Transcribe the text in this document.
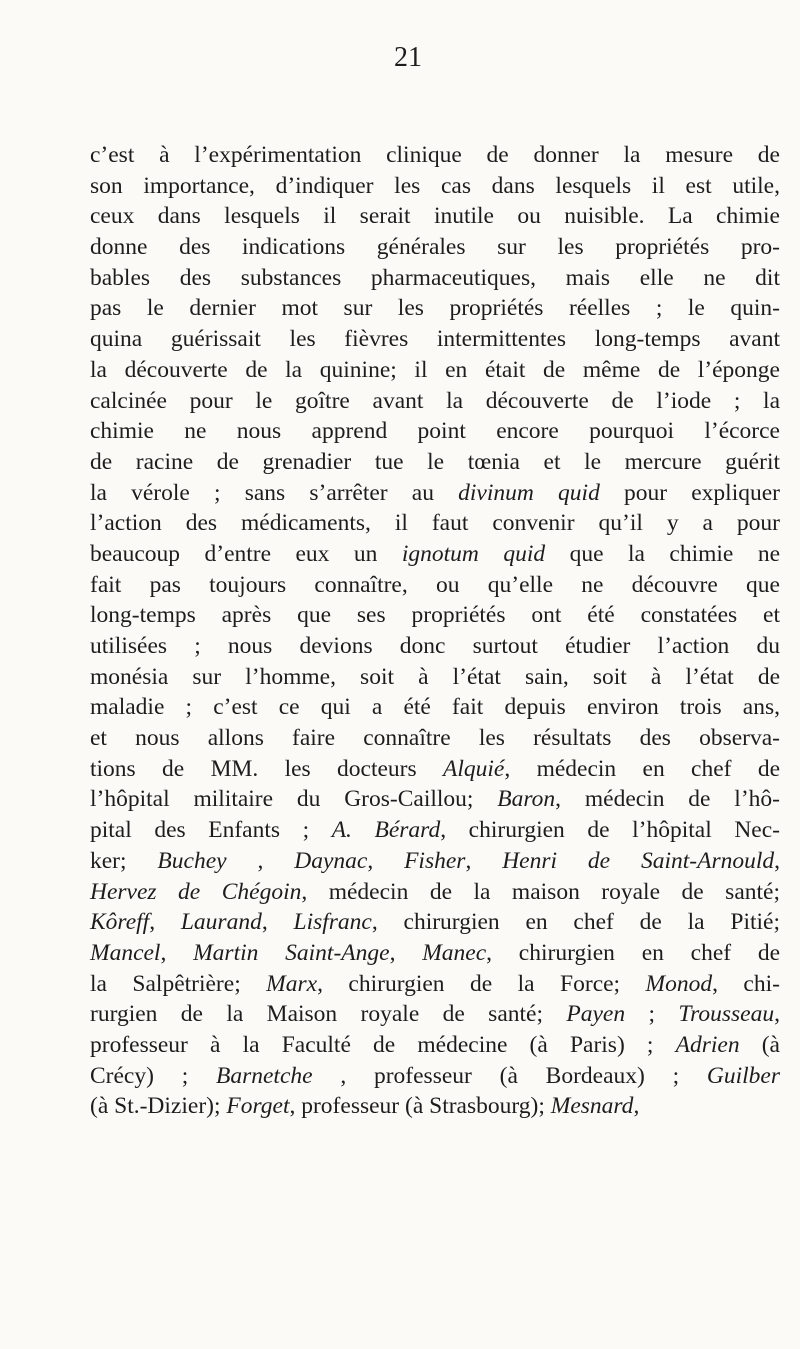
21
c’est à l’expérimentation clinique de donner la mesure de
son importance, d’indiquer les cas dans lesquels il est utile,
ceux dans lesquels il serait inutile ou nuisible. La chimie
donne des indications générales sur les propriétés pro-
bables des substances pharmaceutiques, mais elle ne dit
pas le dernier mot sur les propriétés réelles ; le quin-
quina guérissait les fièvres intermittentes long-temps avant
la découverte de la quinine; il en était de même de l’éponge
calcinée pour le goître avant la découverte de l’iode ; la
chimie ne nous apprend point encore pourquoi l’écorce
de racine de grenadier tue le tœnia et le mercure guérit
la vérole ; sans s’arrêter au divinum quid pour expliquer
l’action des médicaments, il faut convenir qu’il y a pour
beaucoup d’entre eux un ignotum quid que la chimie ne
fait pas toujours connaître, ou qu’elle ne découvre que
long-temps après que ses propriétés ont été constatées et
utilisées ; nous devions donc surtout étudier l’action du
monésia sur l’homme, soit à l’état sain, soit à l’état de
maladie ; c’est ce qui a été fait depuis environ trois ans,
et nous allons faire connaître les résultats des observa-
tions de MM. les docteurs Alquié, médecin en chef de
l’hôpital militaire du Gros-Caillou; Baron, médecin de l’hô-
pital des Enfants ; A. Bérard, chirurgien de l’hôpital Nec-
ker; Buchey , Daynac, Fisher, Henri de Saint-Arnould,
Hervez de Chégoin, médecin de la maison royale de santé;
Kôreff, Laurand, Lisfranc, chirurgien en chef de la Pitié;
Mancel, Martin Saint-Ange, Manec, chirurgien en chef de
la Salpêtrière; Marx, chirurgien de la Force; Monod, chi-
rurgien de la Maison royale de santé; Payen ; Trousseau,
professeur à la Faculté de médecine (à Paris) ; Adrien (à
Crécy) ; Barnetche , professeur (à Bordeaux) ; Guilber
(à St.-Dizier); Forget, professeur (à Strasbourg); Mesnard,
